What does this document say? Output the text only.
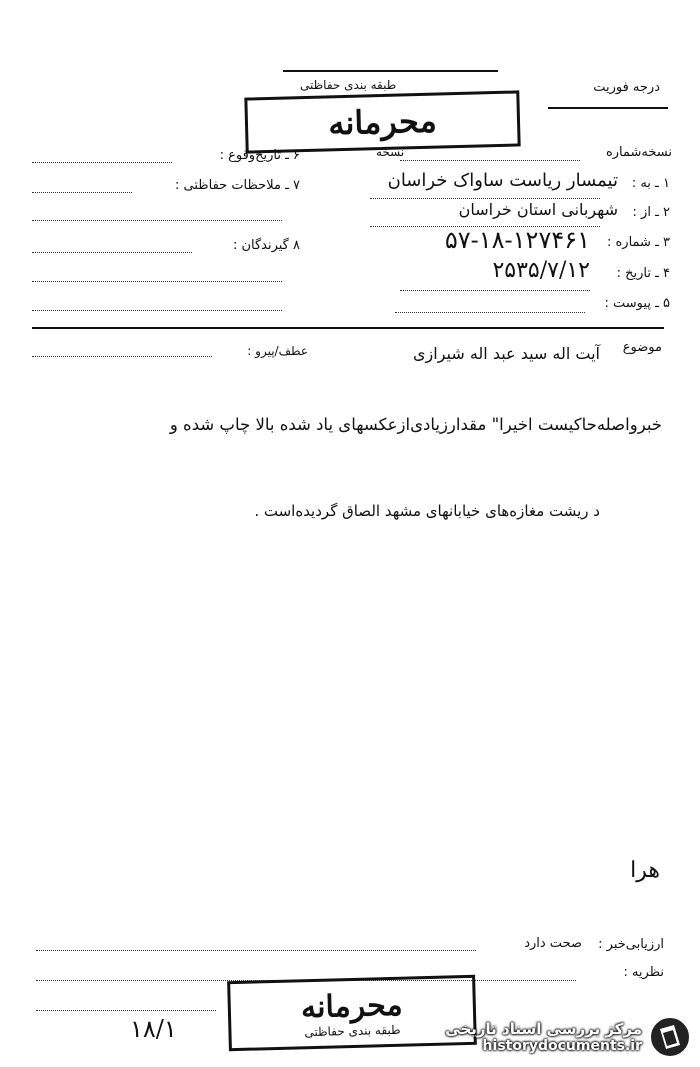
طبقه بندی حفاظتی	درجه فوریت
محرمانه
نسخه‌شماره
نسخه
۱ ـ به :
تیمسار ریاست ساواک خراسان
۲ ـ از :
شهربانی استان خراسان
۳ ـ شماره :
۵۷-۱۸-۱۲۷۴۶۱
۴ ـ تاریخ :
۲۵۳۵/۷/۱۲
۵ ـ پیوست :
۶ ـ تاریخ‌وقوع :
۷ ـ ملاحظات حفاظتی :
۸ گیرندگان :
موضوع
آیت اله سید عبد اله شیرازی
عطف/پیرو :
خبرواصله‌حاکیست اخیرا" مقدارزیادی‌ازعکسهای یاد شده بالا چاپ شده و
د ریشت مغازه‌های خیابانهای مشهد الصاق گردیده‌است .
هرا
ارزیابی‌خبر :
صحت دارد
نظریه :
۱۸/۱
محرمانه
طبقه بندی حفاظتی	مرکز بررسی اسناد تاریخی
historydocuments.ir
